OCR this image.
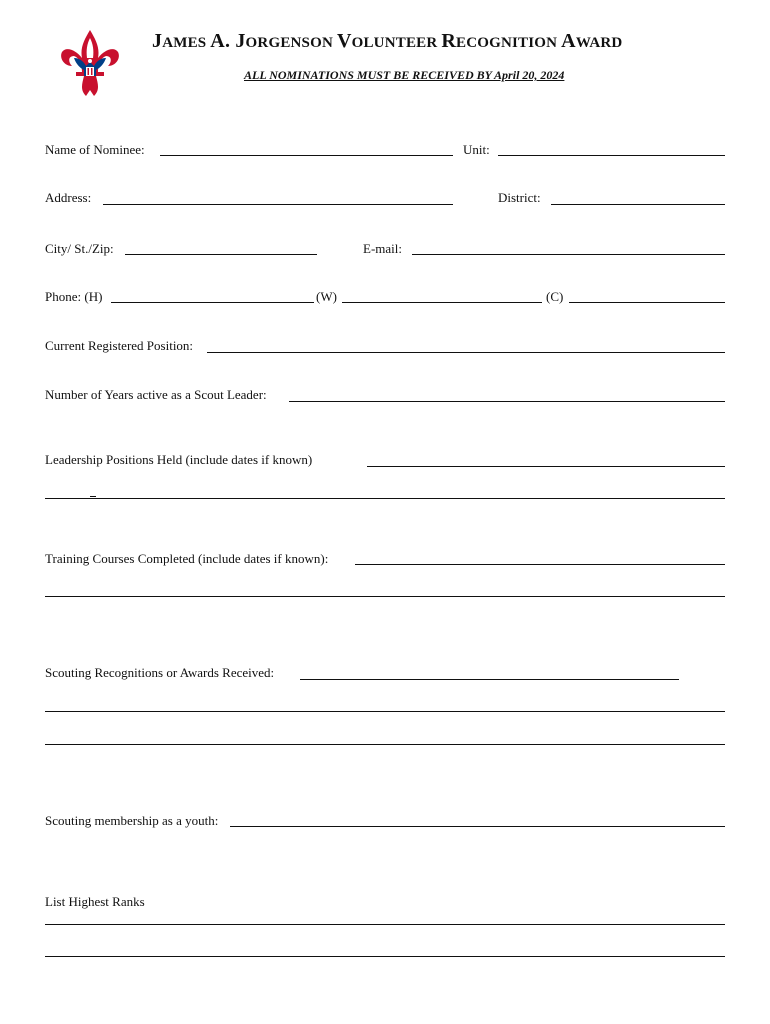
JAMES A. JORGENSON VOLUNTEER RECOGNITION AWARD
ALL NOMINATIONS MUST BE RECEIVED BY April 20, 2024
Name of Nominee:	Unit:
Address:	District:
City/ St./Zip:	E-mail:
Phone: (H)	(W)	(C)
Current Registered Position:
Number of Years active as a Scout Leader:
Leadership Positions Held (include dates if known)
Training Courses Completed (include dates if known):
Scouting Recognitions or Awards Received:
Scouting membership as a youth:
List Highest Ranks
